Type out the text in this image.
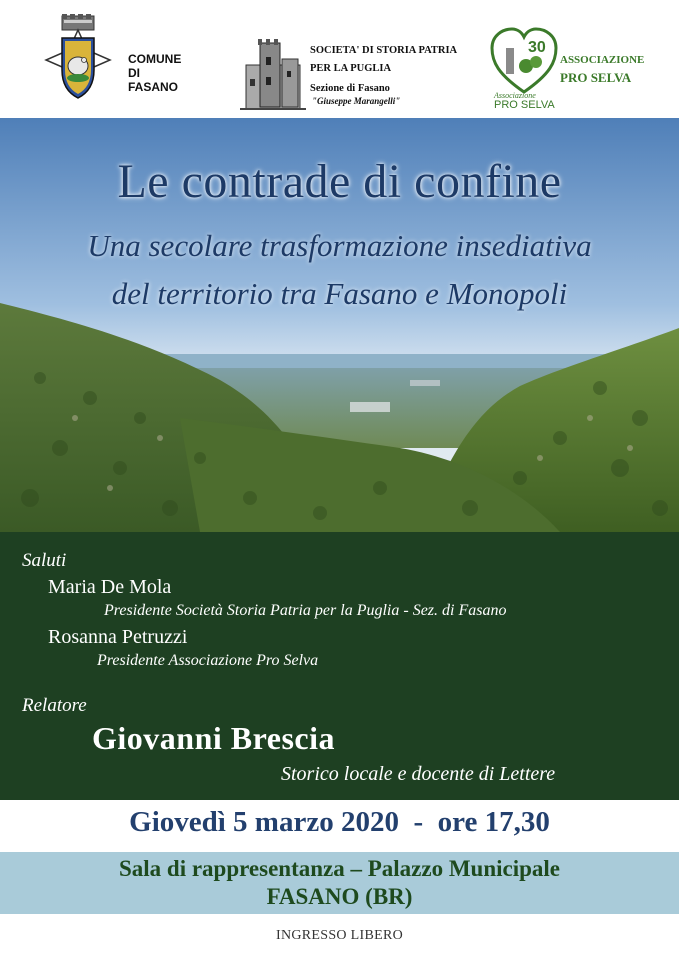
COMUNE
DI
FASANO
SOCIETA' DI STORIA PATRIA
PER LA PUGLIA
Sezione di Fasano
"Giuseppe Marangelli"
30
Associazione
PRO SELVA
ASSOCIAZIONE
PRO SELVA
Le contrade di confine
Una secolare trasformazione insediativa
del territorio tra Fasano e Monopoli
Saluti
Maria De Mola
Presidente Società Storia Patria per la Puglia - Sez. di Fasano
Rosanna Petruzzi
Presidente Associazione Pro Selva
Relatore
Giovanni Brescia
Storico locale e docente di Lettere
Giovedì 5 marzo 2020  -  ore 17,30
Sala di rappresentanza – Palazzo Municipale
FASANO (BR)
INGRESSO LIBERO
